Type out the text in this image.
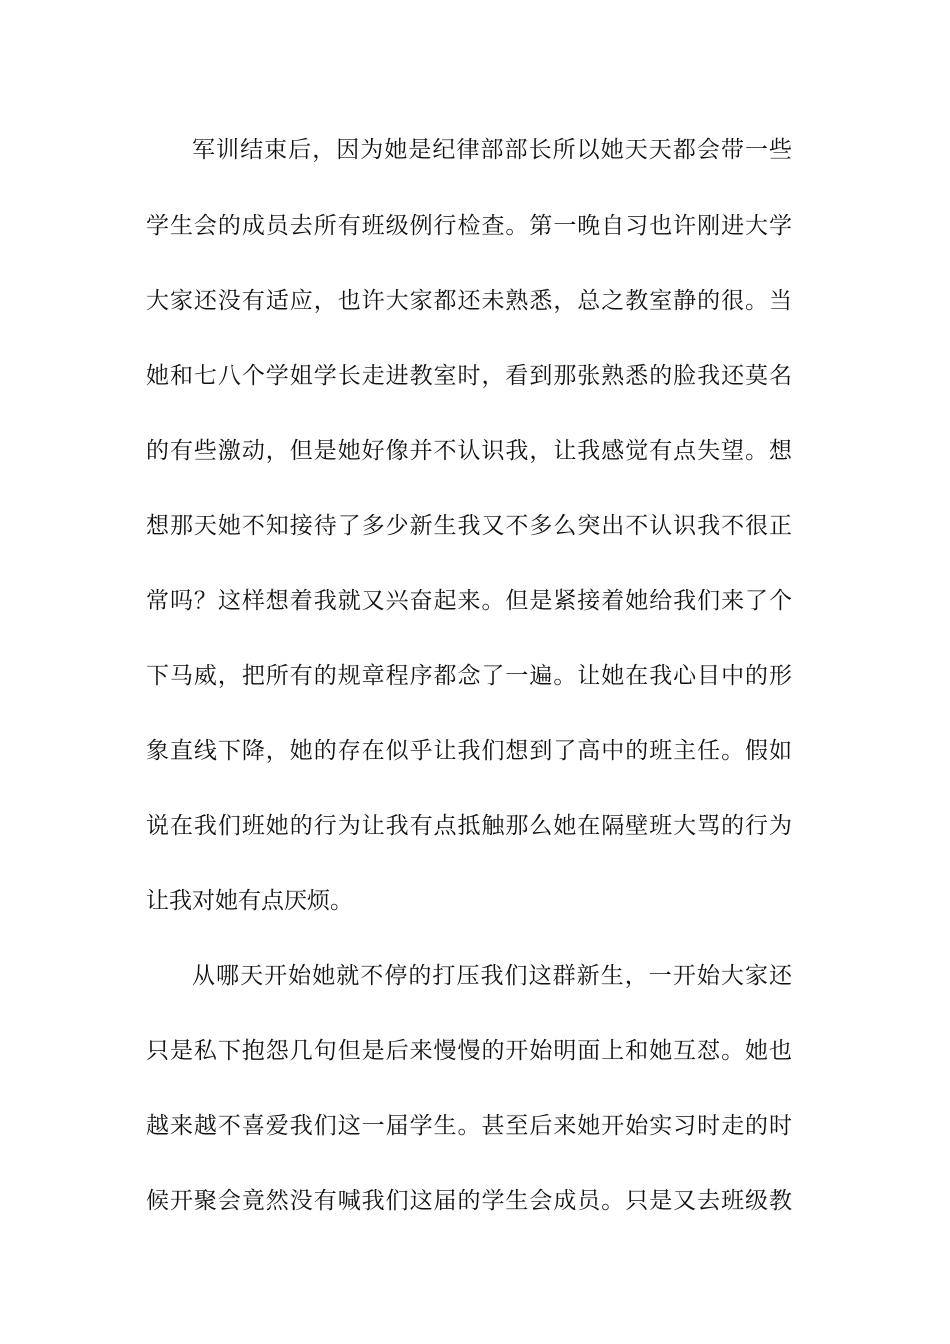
军训结束后，因为她是纪律部部长所以她天天都会带一些
学生会的成员去所有班级例行检查。第一晚自习也许刚进大学
大家还没有适应，也许大家都还未熟悉，总之教室静的很。当
她和七八个学姐学长走进教室时，看到那张熟悉的脸我还莫名
的有些激动，但是她好像并不认识我，让我感觉有点失望。想
想那天她不知接待了多少新生我又不多么突出不认识我不很正
常吗？这样想着我就又兴奋起来。但是紧接着她给我们来了个
下马威，把所有的规章程序都念了一遍。让她在我心目中的形
象直线下降，她的存在似乎让我们想到了高中的班主任。假如
说在我们班她的行为让我有点抵触那么她在隔壁班大骂的行为
让我对她有点厌烦。
从哪天开始她就不停的打压我们这群新生，一开始大家还
只是私下抱怨几句但是后来慢慢的开始明面上和她互怼。她也
越来越不喜爱我们这一届学生。甚至后来她开始实习时走的时
候开聚会竟然没有喊我们这届的学生会成员。只是又去班级教
